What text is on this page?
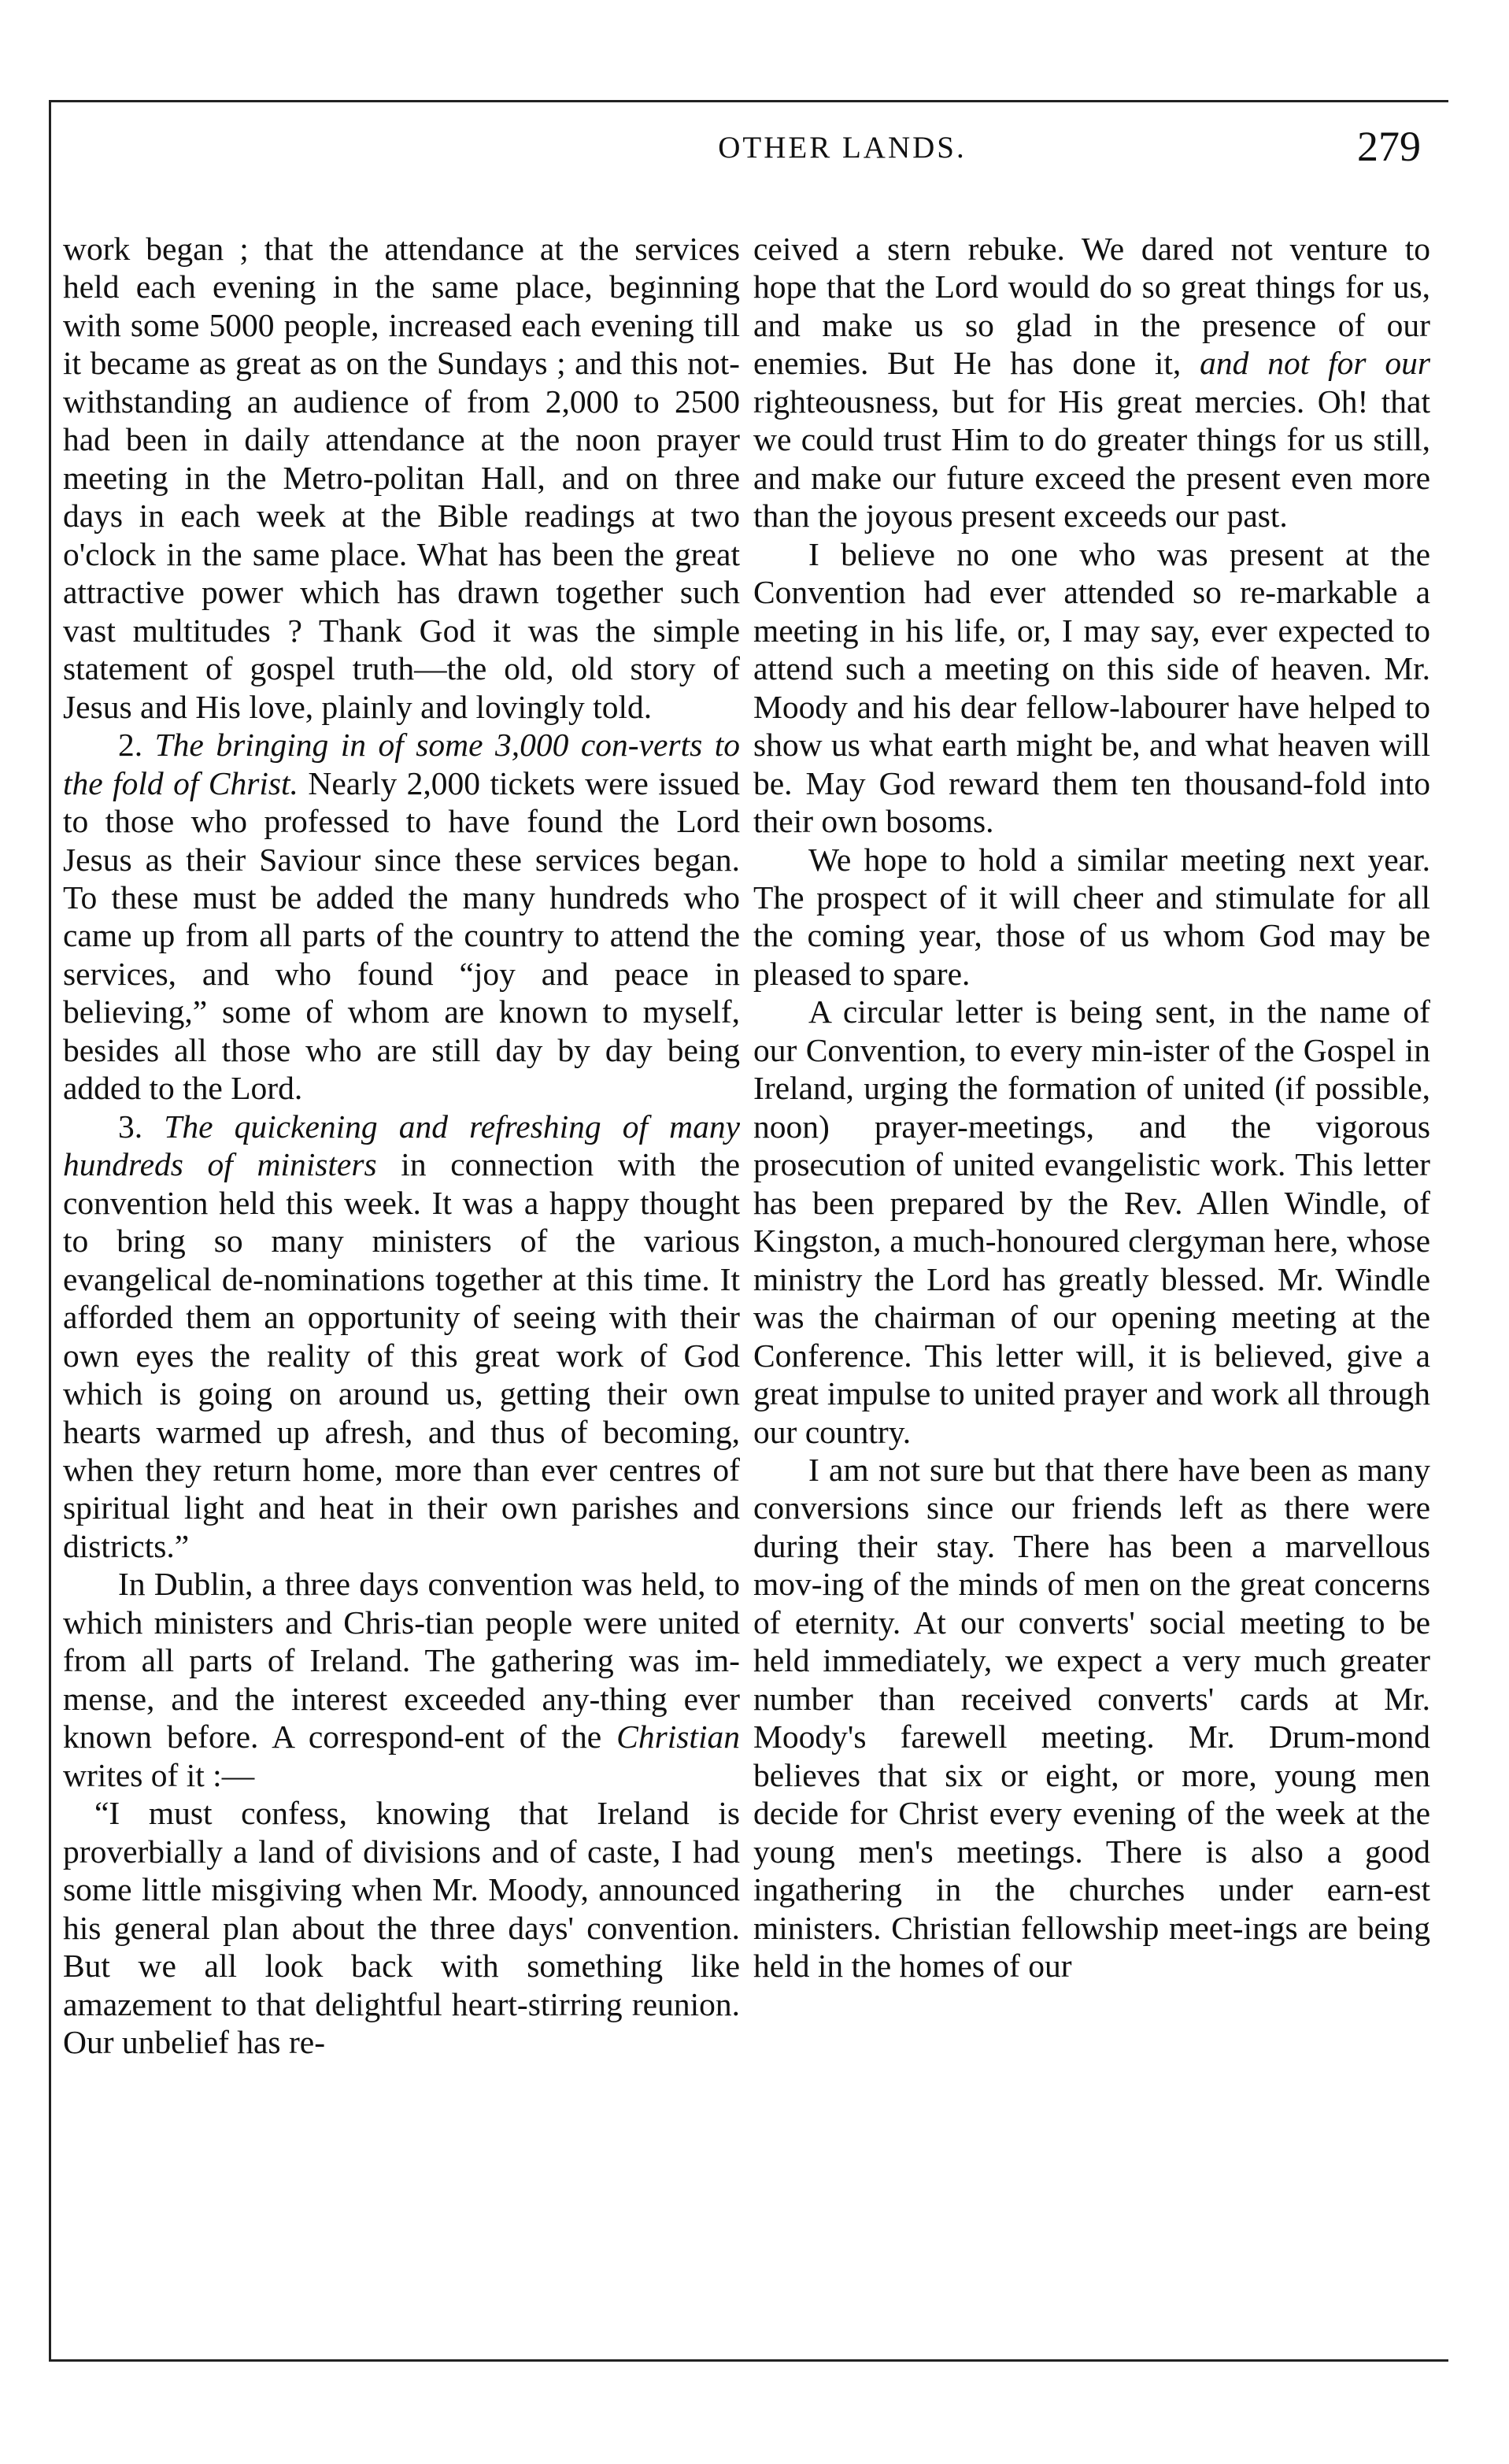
OTHER LANDS.	279

work began ; that the attendance at the services held each evening in the same place, beginning with some 5000 people, increased each evening till it became as great as on the Sundays ; and this not-withstanding an audience of from 2,000 to 2500 had been in daily attendance at the noon prayer meeting in the Metro-politan Hall, and on three days in each week at the Bible readings at two o'clock in the same place. What has been the great attractive power which has drawn together such vast multitudes ? Thank God it was the simple statement of gospel truth—the old, old story of Jesus and His love, plainly and lovingly told.

2. The bringing in of some 3,000 con-verts to the fold of Christ. Nearly 2,000 tickets were issued to those who professed to have found the Lord Jesus as their Saviour since these services began. To these must be added the many hundreds who came up from all parts of the country to attend the services, and who found “joy and peace in believing,” some of whom are known to myself, besides all those who are still day by day being added to the Lord.

3. The quickening and refreshing of many hundreds of ministers in connection with the convention held this week. It was a happy thought to bring so many ministers of the various evangelical de-nominations together at this time. It afforded them an opportunity of seeing with their own eyes the reality of this great work of God which is going on around us, getting their own hearts warmed up afresh, and thus of becoming, when they return home, more than ever centres of spiritual light and heat in their own parishes and districts.”

In Dublin, a three days convention was held, to which ministers and Chris-tian people were united from all parts of Ireland. The gathering was im-mense, and the interest exceeded any-thing ever known before. A correspond-ent of the Christian writes of it :—

“I must confess, knowing that Ireland is proverbially a land of divisions and of caste, I had some little misgiving when Mr. Moody, announced his general plan about the three days' convention. But we all look back with something like amazement to that delightful heart-stirring reunion. Our unbelief has re-

ceived a stern rebuke. We dared not venture to hope that the Lord would do so great things for us, and make us so glad in the presence of our enemies. But He has done it, and not for our righteousness, but for His great mercies. Oh! that we could trust Him to do greater things for us still, and make our future exceed the present even more than the joyous present exceeds our past.

I believe no one who was present at the Convention had ever attended so re-markable a meeting in his life, or, I may say, ever expected to attend such a meeting on this side of heaven. Mr. Moody and his dear fellow-labourer have helped to show us what earth might be, and what heaven will be. May God reward them ten thousand-fold into their own bosoms.

We hope to hold a similar meeting next year. The prospect of it will cheer and stimulate for all the coming year, those of us whom God may be pleased to spare.

A circular letter is being sent, in the name of our Convention, to every min-ister of the Gospel in Ireland, urging the formation of united (if possible, noon) prayer-meetings, and the vigorous prosecution of united evangelistic work. This letter has been prepared by the Rev. Allen Windle, of Kingston, a much-honoured clergyman here, whose ministry the Lord has greatly blessed. Mr. Windle was the chairman of our opening meeting at the Conference. This letter will, it is believed, give a great impulse to united prayer and work all through our country.

I am not sure but that there have been as many conversions since our friends left as there were during their stay. There has been a marvellous mov-ing of the minds of men on the great concerns of eternity. At our converts' social meeting to be held immediately, we expect a very much greater number than received converts' cards at Mr. Moody's farewell meeting. Mr. Drum-mond believes that six or eight, or more, young men decide for Christ every evening of the week at the young men's meetings. There is also a good ingathering in the churches under earn-est ministers. Christian fellowship meet-ings are being held in the homes of our
